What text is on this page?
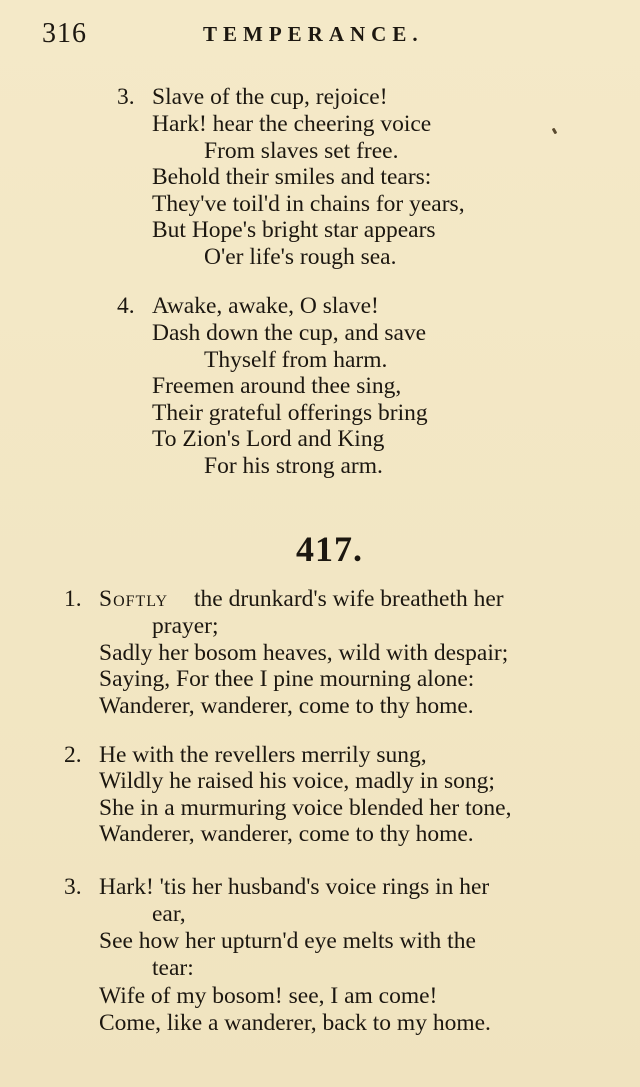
316	TEMPERANCE.
3. Slave of the cup, rejoice!
Hark! hear the cheering voice
From slaves set free.
Behold their smiles and tears:
They've toil'd in chains for years,
But Hope's bright star appears
O'er life's rough sea.
4. Awake, awake, O slave!
Dash down the cup, and save
Thyself from harm.
Freemen around thee sing,
Their grateful offerings bring
To Zion's Lord and King
For his strong arm.
417.
1. Softly the drunkard's wife breatheth her
prayer;
Sadly her bosom heaves, wild with despair;
Saying, For thee I pine mourning alone:
Wanderer, wanderer, come to thy home.
2. He with the revellers merrily sung,
Wildly he raised his voice, madly in song;
She in a murmuring voice blended her tone,
Wanderer, wanderer, come to thy home.
3. Hark! 'tis her husband's voice rings in her
ear,
See how her upturn'd eye melts with the
tear:
Wife of my bosom! see, I am come!
Come, like a wanderer, back to my home.
